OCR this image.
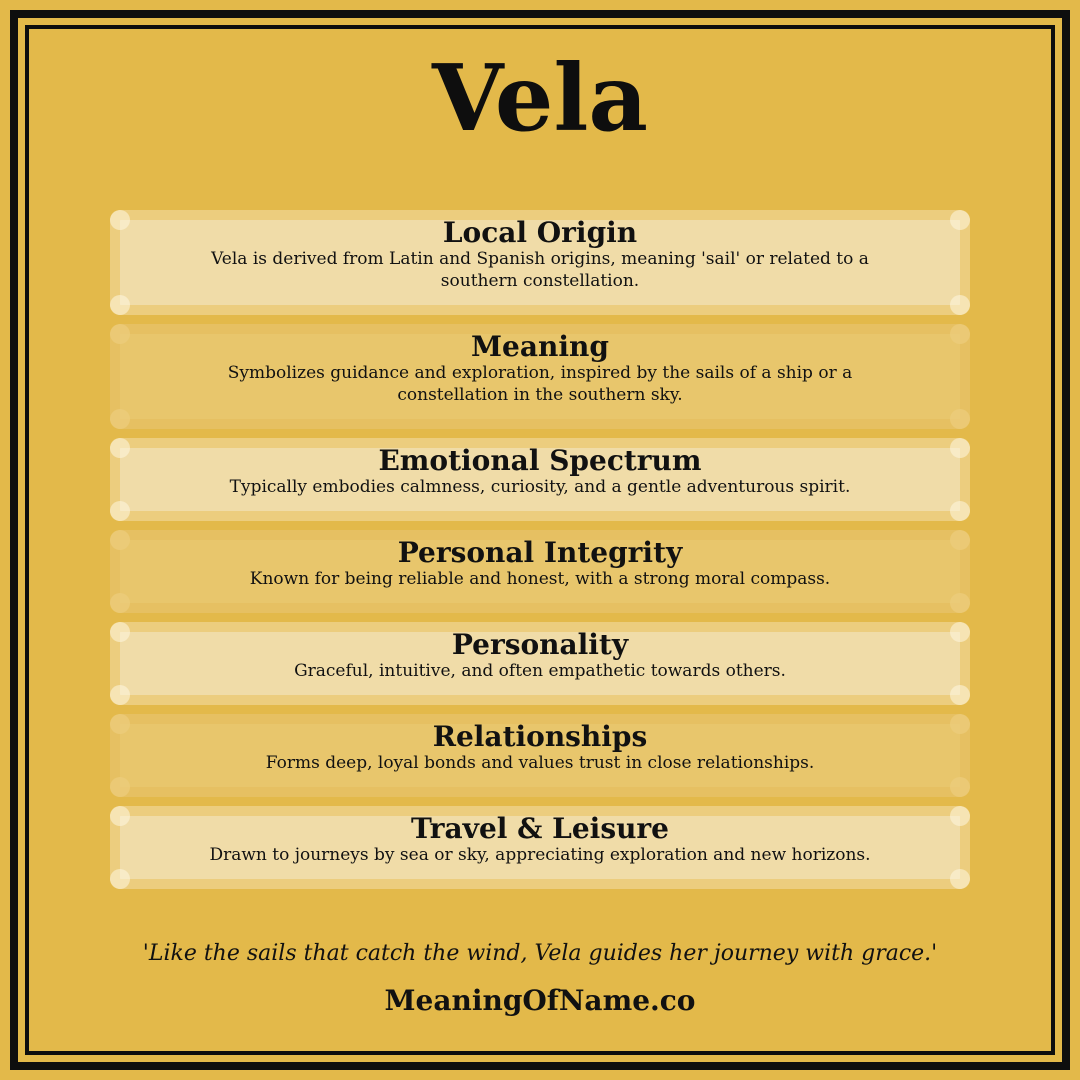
Vela
Local Origin
Vela is derived from Latin and Spanish origins, meaning 'sail' or related to a southern constellation.
Meaning
Symbolizes guidance and exploration, inspired by the sails of a ship or a constellation in the southern sky.
Emotional Spectrum
Typically embodies calmness, curiosity, and a gentle adventurous spirit.
Personal Integrity
Known for being reliable and honest, with a strong moral compass.
Personality
Graceful, intuitive, and often empathetic towards others.
Relationships
Forms deep, loyal bonds and values trust in close relationships.
Travel & Leisure
Drawn to journeys by sea or sky, appreciating exploration and new horizons.
'Like the sails that catch the wind, Vela guides her journey with grace.'
MeaningOfName.co
